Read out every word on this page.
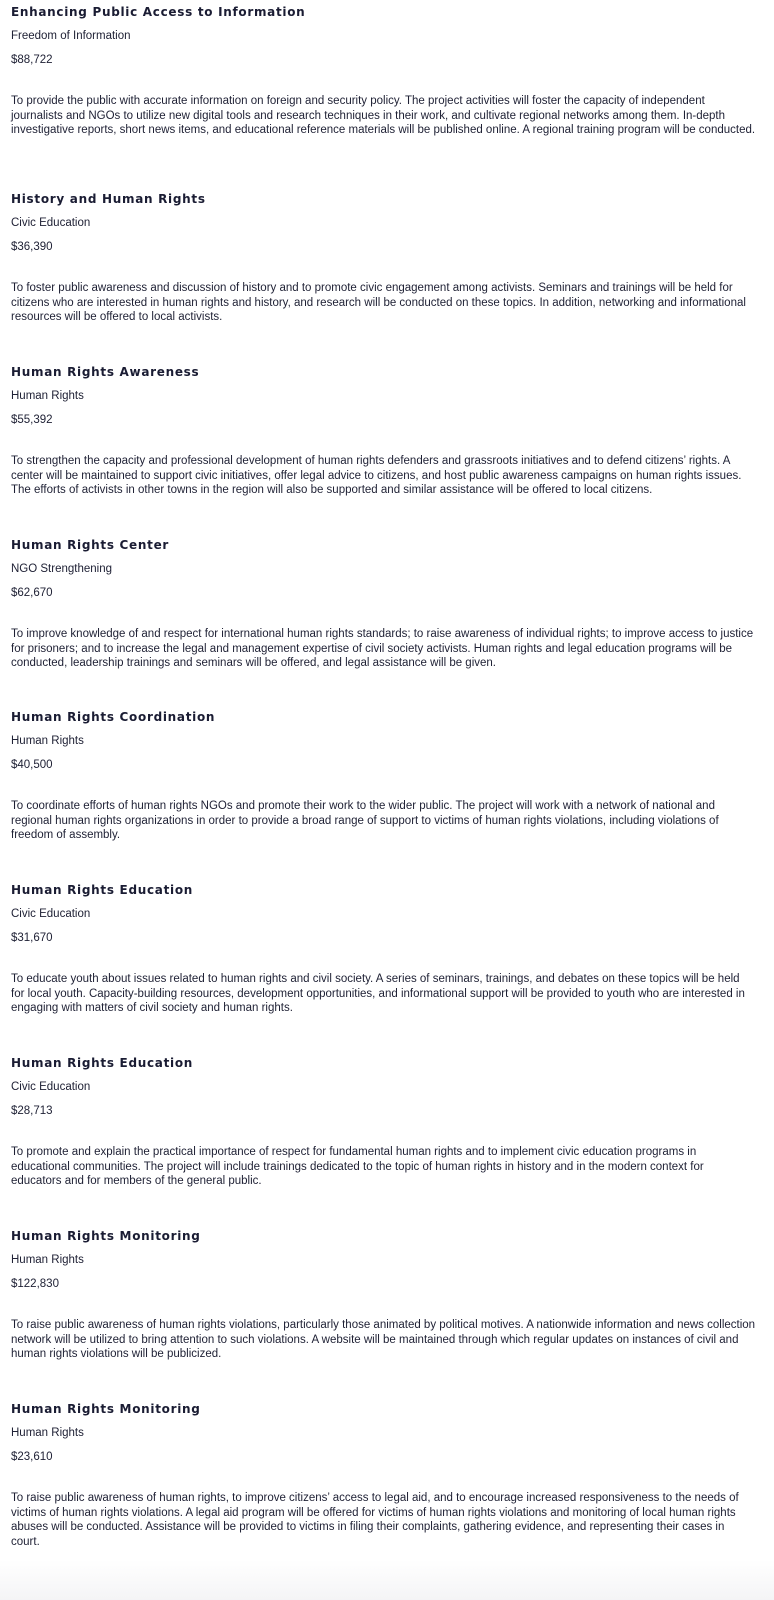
Enhancing Public Access to Information

Freedom of Information

$88,722

To provide the public with accurate information on foreign and security policy. The project activities will foster the capacity of independent journalists and NGOs to utilize new digital tools and research techniques in their work, and cultivate regional networks among them. In-depth investigative reports, short news items, and educational reference materials will be published online. A regional training program will be conducted.

History and Human Rights

Civic Education

$36,390

To foster public awareness and discussion of history and to promote civic engagement among activists. Seminars and trainings will be held for citizens who are interested in human rights and history, and research will be conducted on these topics. In addition, networking and informational resources will be offered to local activists.

Human Rights Awareness

Human Rights

$55,392

To strengthen the capacity and professional development of human rights defenders and grassroots initiatives and to defend citizens’ rights. A center will be maintained to support civic initiatives, offer legal advice to citizens, and host public awareness campaigns on human rights issues. The efforts of activists in other towns in the region will also be supported and similar assistance will be offered to local citizens.

Human Rights Center

NGO Strengthening

$62,670

To improve knowledge of and respect for international human rights standards; to raise awareness of individual rights; to improve access to justice for prisoners; and to increase the legal and management expertise of civil society activists. Human rights and legal education programs will be conducted, leadership trainings and seminars will be offered, and legal assistance will be given.

Human Rights Coordination

Human Rights

$40,500

To coordinate efforts of human rights NGOs and promote their work to the wider public. The project will work with a network of national and regional human rights organizations in order to provide a broad range of support to victims of human rights violations, including violations of freedom of assembly.

Human Rights Education

Civic Education

$31,670

To educate youth about issues related to human rights and civil society. A series of seminars, trainings, and debates on these topics will be held for local youth. Capacity-building resources, development opportunities, and informational support will be provided to youth who are interested in engaging with matters of civil society and human rights.

Human Rights Education

Civic Education

$28,713

To promote and explain the practical importance of respect for fundamental human rights and to implement civic education programs in educational communities. The project will include trainings dedicated to the topic of human rights in history and in the modern context for educators and for members of the general public.

Human Rights Monitoring

Human Rights

$122,830

To raise public awareness of human rights violations, particularly those animated by political motives. A nationwide information and news collection network will be utilized to bring attention to such violations. A website will be maintained through which regular updates on instances of civil and human rights violations will be publicized.

Human Rights Monitoring

Human Rights

$23,610

To raise public awareness of human rights, to improve citizens’ access to legal aid, and to encourage increased responsiveness to the needs of victims of human rights violations. A legal aid program will be offered for victims of human rights violations and monitoring of local human rights abuses will be conducted. Assistance will be provided to victims in filing their complaints, gathering evidence, and representing their cases in court.
